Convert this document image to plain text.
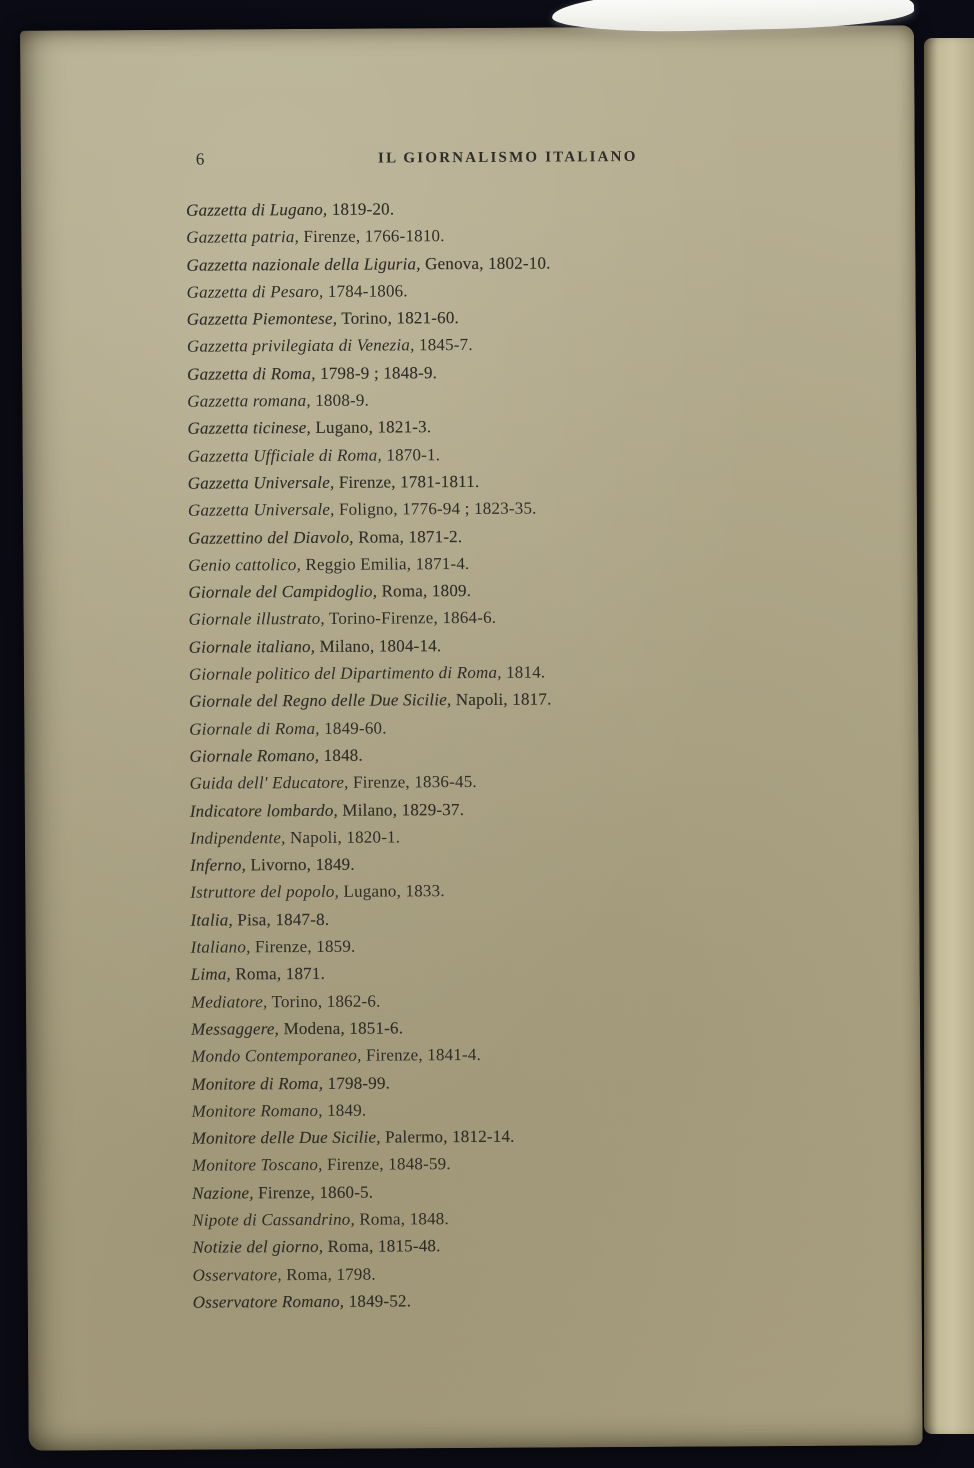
6	IL GIORNALISMO ITALIANO
Gazzetta di Lugano, 1819-20.
Gazzetta patria, Firenze, 1766-1810.
Gazzetta nazionale della Liguria, Genova, 1802-10.
Gazzetta di Pesaro, 1784-1806.
Gazzetta Piemontese, Torino, 1821-60.
Gazzetta privilegiata di Venezia, 1845-7.
Gazzetta di Roma, 1798-9 ; 1848-9.
Gazzetta romana, 1808-9.
Gazzetta ticinese, Lugano, 1821-3.
Gazzetta Ufficiale di Roma, 1870-1.
Gazzetta Universale, Firenze, 1781-1811.
Gazzetta Universale, Foligno, 1776-94 ; 1823-35.
Gazzettino del Diavolo, Roma, 1871-2.
Genio cattolico, Reggio Emilia, 1871-4.
Giornale del Campidoglio, Roma, 1809.
Giornale illustrato, Torino-Firenze, 1864-6.
Giornale italiano, Milano, 1804-14.
Giornale politico del Dipartimento di Roma, 1814.
Giornale del Regno delle Due Sicilie, Napoli, 1817.
Giornale di Roma, 1849-60.
Giornale Romano, 1848.
Guida dell' Educatore, Firenze, 1836-45.
Indicatore lombardo, Milano, 1829-37.
Indipendente, Napoli, 1820-1.
Inferno, Livorno, 1849.
Istruttore del popolo, Lugano, 1833.
Italia, Pisa, 1847-8.
Italiano, Firenze, 1859.
Lima, Roma, 1871.
Mediatore, Torino, 1862-6.
Messaggere, Modena, 1851-6.
Mondo Contemporaneo, Firenze, 1841-4.
Monitore di Roma, 1798-99.
Monitore Romano, 1849.
Monitore delle Due Sicilie, Palermo, 1812-14.
Monitore Toscano, Firenze, 1848-59.
Nazione, Firenze, 1860-5.
Nipote di Cassandrino, Roma, 1848.
Notizie del giorno, Roma, 1815-48.
Osservatore, Roma, 1798.
Osservatore Romano, 1849-52.
